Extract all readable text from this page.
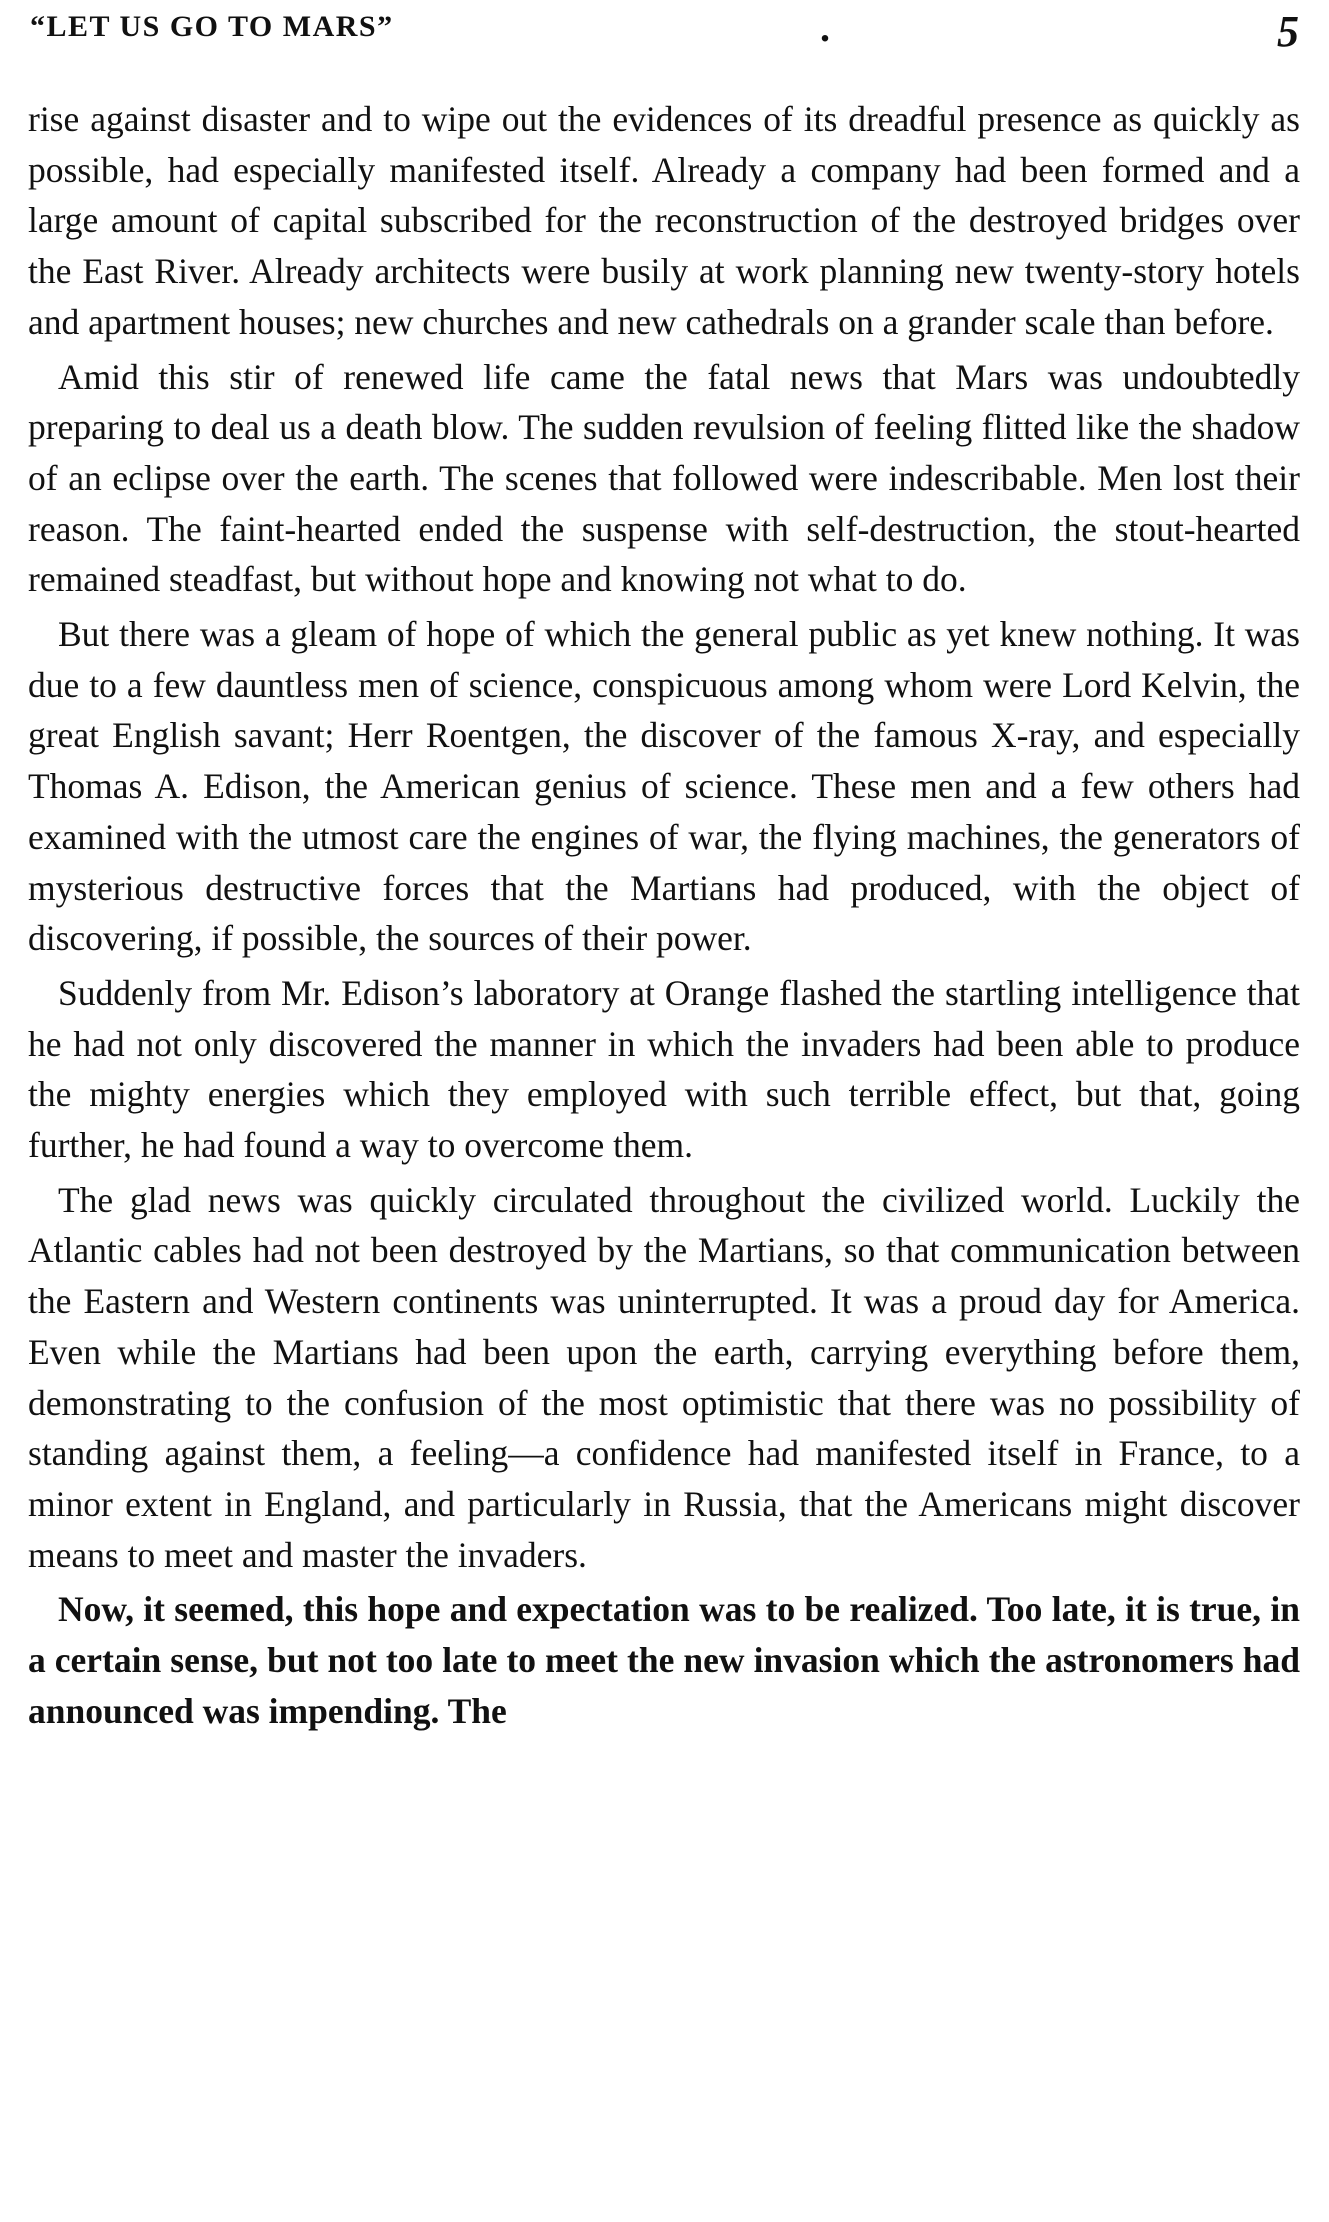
“LET US GO TO MARS”	.	5

rise against disaster and to wipe out the evidences of its dreadful presence as quickly as possible, had especially manifested itself. Already a company had been formed and a large amount of capital subscribed for the reconstruction of the destroyed bridges over the East River. Already architects were busily at work planning new twenty-story hotels and apartment houses; new churches and new cathedrals on a grander scale than before.

Amid this stir of renewed life came the fatal news that Mars was undoubtedly preparing to deal us a death blow. The sudden revulsion of feeling flitted like the shadow of an eclipse over the earth. The scenes that followed were indescribable. Men lost their reason. The faint-hearted ended the suspense with self-destruction, the stout-hearted remained steadfast, but without hope and knowing not what to do.

But there was a gleam of hope of which the general public as yet knew nothing. It was due to a few dauntless men of science, conspicuous among whom were Lord Kelvin, the great English savant; Herr Roentgen, the discover of the famous X-ray, and especially Thomas A. Edison, the American genius of science. These men and a few others had examined with the utmost care the engines of war, the flying machines, the generators of mysterious destructive forces that the Martians had produced, with the object of discovering, if possible, the sources of their power.

Suddenly from Mr. Edison’s laboratory at Orange flashed the startling intelligence that he had not only discovered the manner in which the invaders had been able to produce the mighty energies which they employed with such terrible effect, but that, going further, he had found a way to overcome them.

The glad news was quickly circulated throughout the civilized world. Luckily the Atlantic cables had not been destroyed by the Martians, so that communication between the Eastern and Western continents was uninterrupted. It was a proud day for America. Even while the Martians had been upon the earth, carrying everything before them, demonstrating to the confusion of the most optimistic that there was no possibility of standing against them, a feeling—a confidence had manifested itself in France, to a minor extent in England, and particularly in Russia, that the Americans might discover means to meet and master the invaders.

Now, it seemed, this hope and expectation was to be realized. Too late, it is true, in a certain sense, but not too late to meet the new invasion which the astronomers had announced was impending. The
